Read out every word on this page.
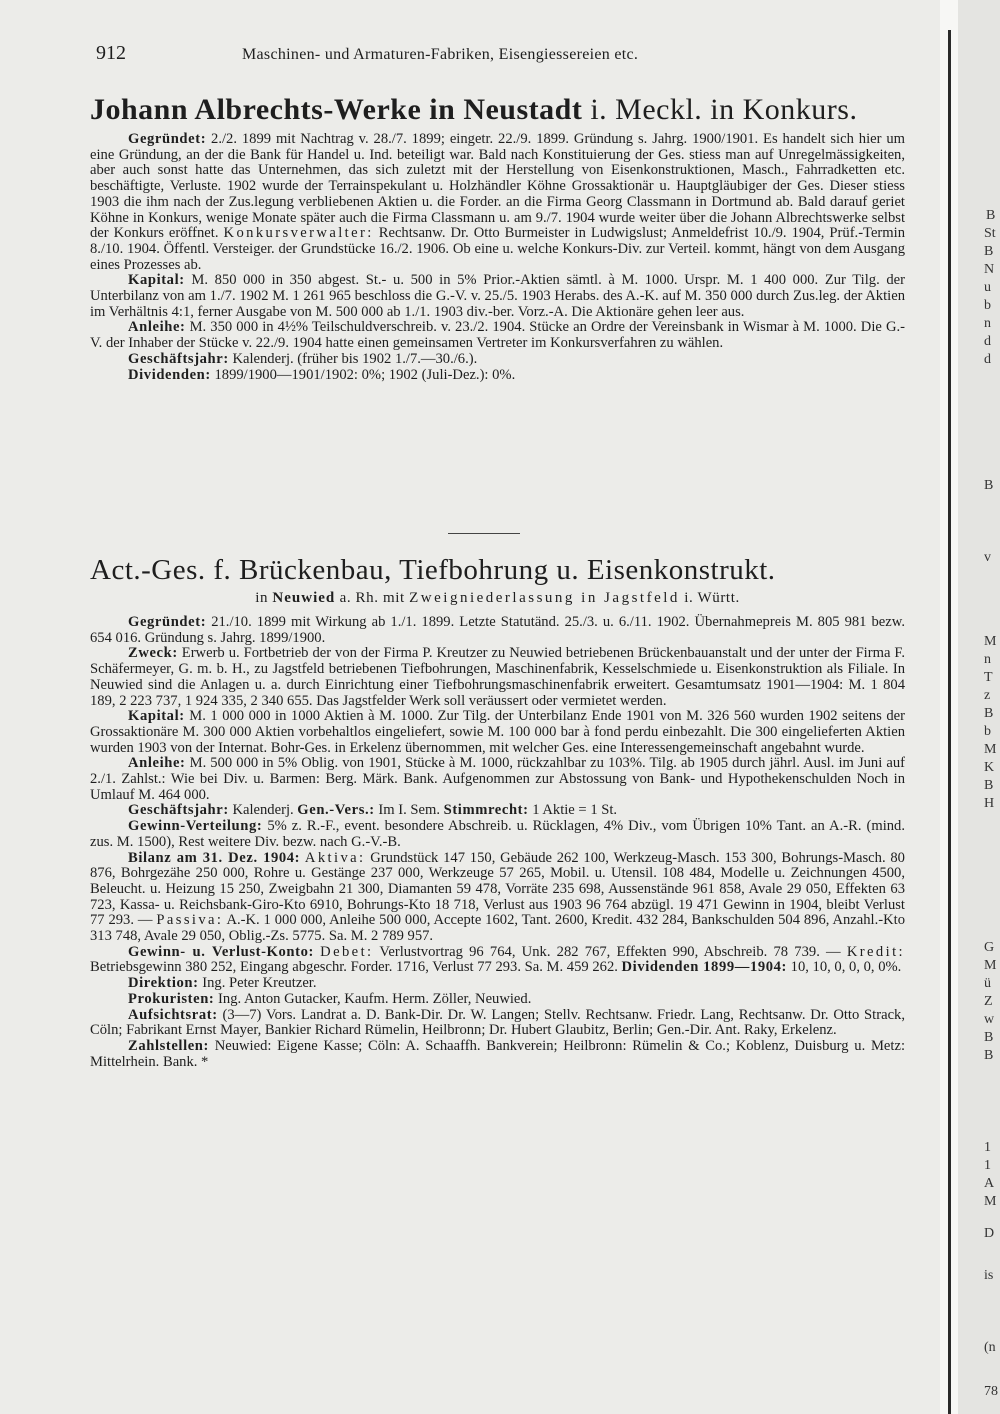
912	Maschinen- und Armaturen-Fabriken, Eisengiessereien etc.
Johann Albrechts-Werke in Neustadt i. Meckl. in Konkurs.

Gegründet: 2./2. 1899 mit Nachtrag v. 28./7. 1899; eingetr. 22./9. 1899. Gründung s. Jahrg. 1900/1901. Es handelt sich hier um eine Gründung, an der die Bank für Handel u. Ind. beteiligt war. Bald nach Konstituierung der Ges. stiess man auf Unregelmässigkeiten, aber auch sonst hatte das Unternehmen, das sich zuletzt mit der Herstellung von Eisenkonstruktionen, Masch., Fahrradketten etc. beschäftigte, Verluste. 1902 wurde der Terrainspekulant u. Holzhändler Köhne Grossaktionär u. Hauptgläubiger der Ges. Dieser stiess 1903 die ihm nach der Zus.legung verbliebenen Aktien u. die Forder. an die Firma Georg Classmann in Dortmund ab. Bald darauf geriet Köhne in Konkurs, wenige Monate später auch die Firma Classmann u. am 9./7. 1904 wurde weiter über die Johann Albrechtswerke selbst der Konkurs eröffnet. Konkursverwalter: Rechtsanw. Dr. Otto Burmeister in Ludwigslust; Anmeldefrist 10./9. 1904, Prüf.-Termin 8./10. 1904. Öffentl. Versteiger. der Grundstücke 16./2. 1906. Ob eine u. welche Konkurs-Div. zur Verteil. kommt, hängt von dem Ausgang eines Prozesses ab.

Kapital: M. 850 000 in 350 abgest. St.- u. 500 in 5% Prior.-Aktien sämtl. à M. 1000. Urspr. M. 1 400 000. Zur Tilg. der Unterbilanz von am 1./7. 1902 M. 1 261 965 beschloss die G.-V. v. 25./5. 1903 Herabs. des A.-K. auf M. 350 000 durch Zus.leg. der Aktien im Verhältnis 4:1, ferner Ausgabe von M. 500 000 ab 1./1. 1903 div.-ber. Vorz.-A. Die Aktionäre gehen leer aus.

Anleihe: M. 350 000 in 4½% Teilschuldverschreib. v. 23./2. 1904. Stücke an Ordre der Vereinsbank in Wismar à M. 1000. Die G.-V. der Inhaber der Stücke v. 22./9. 1904 hatte einen gemeinsamen Vertreter im Konkursverfahren zu wählen.

Geschäftsjahr: Kalenderj. (früher bis 1902 1./7.—30./6.).

Dividenden: 1899/1900—1901/1902: 0%; 1902 (Juli-Dez.): 0%.

Act.-Ges. f. Brückenbau, Tiefbohrung u. Eisenkonstrukt.
in Neuwied a. Rh. mit Zweigniederlassung in Jagstfeld i. Württ.

Gegründet: 21./10. 1899 mit Wirkung ab 1./1. 1899. Letzte Statutänd. 25./3. u. 6./11. 1902. Übernahmepreis M. 805 981 bezw. 654 016. Gründung s. Jahrg. 1899/1900.

Zweck: Erwerb u. Fortbetrieb der von der Firma P. Kreutzer zu Neuwied betriebenen Brückenbauanstalt und der unter der Firma F. Schäfermeyer, G. m. b. H., zu Jagstfeld betriebenen Tiefbohrungen, Maschinenfabrik, Kesselschmiede u. Eisenkonstruktion als Filiale. In Neuwied sind die Anlagen u. a. durch Einrichtung einer Tiefbohrungsmaschinenfabrik erweitert. Gesamtumsatz 1901—1904: M. 1 804 189, 2 223 737, 1 924 335, 2 340 655. Das Jagstfelder Werk soll veräussert oder vermietet werden.

Kapital: M. 1 000 000 in 1000 Aktien à M. 1000. Zur Tilg. der Unterbilanz Ende 1901 von M. 326 560 wurden 1902 seitens der Grossaktionäre M. 300 000 Aktien vorbehaltlos eingeliefert, sowie M. 100 000 bar à fond perdu einbezahlt. Die 300 eingelieferten Aktien wurden 1903 von der Internat. Bohr-Ges. in Erkelenz übernommen, mit welcher Ges. eine Interessengemeinschaft angebahnt wurde.

Anleihe: M. 500 000 in 5% Oblig. von 1901, Stücke à M. 1000, rückzahlbar zu 103%. Tilg. ab 1905 durch jährl. Ausl. im Juni auf 2./1. Zahlst.: Wie bei Div. u. Barmen: Berg. Märk. Bank. Aufgenommen zur Abstossung von Bank- und Hypothekenschulden Noch in Umlauf M. 464 000.

Geschäftsjahr: Kalenderj. Gen.-Vers.: Im I. Sem. Stimmrecht: 1 Aktie = 1 St.

Gewinn-Verteilung: 5% z. R.-F., event. besondere Abschreib. u. Rücklagen, 4% Div., vom Übrigen 10% Tant. an A.-R. (mind. zus. M. 1500), Rest weitere Div. bezw. nach G.-V.-B.

Bilanz am 31. Dez. 1904: Aktiva: Grundstück 147 150, Gebäude 262 100, Werkzeug-Masch. 153 300, Bohrungs-Masch. 80 876, Bohrgezähe 250 000, Rohre u. Gestänge 237 000, Werkzeuge 57 265, Mobil. u. Utensil. 108 484, Modelle u. Zeichnungen 4500, Beleucht. u. Heizung 15 250, Zweigbahn 21 300, Diamanten 59 478, Vorräte 235 698, Aussenstände 961 858, Avale 29 050, Effekten 63 723, Kassa- u. Reichsbank-Giro-Kto 6910, Bohrungs-Kto 18 718, Verlust aus 1903 96 764 abzügl. 19 471 Gewinn in 1904, bleibt Verlust 77 293. — Passiva: A.-K. 1 000 000, Anleihe 500 000, Accepte 1602, Tant. 2600, Kredit. 432 284, Bankschulden 504 896, Anzahl.-Kto 313 748, Avale 29 050, Oblig.-Zs. 5775. Sa. M. 2 789 957.

Gewinn- u. Verlust-Konto: Debet: Verlustvortrag 96 764, Unk. 282 767, Effekten 990, Abschreib. 78 739. — Kredit: Betriebsgewinn 380 252, Eingang abgeschr. Forder. 1716, Verlust 77 293. Sa. M. 459 262. Dividenden 1899—1904: 10, 10, 0, 0, 0, 0%.

Direktion: Ing. Peter Kreutzer.

Prokuristen: Ing. Anton Gutacker, Kaufm. Herm. Zöller, Neuwied.

Aufsichtsrat: (3—7) Vors. Landrat a. D. Bank-Dir. Dr. W. Langen; Stellv. Rechtsanw. Friedr. Lang, Rechtsanw. Dr. Otto Strack, Cöln; Fabrikant Ernst Mayer, Bankier Richard Rümelin, Heilbronn; Dr. Hubert Glaubitz, Berlin; Gen.-Dir. Ant. Raky, Erkelenz.

Zahlstellen: Neuwied: Eigene Kasse; Cöln: A. Schaaffh. Bankverein; Heilbronn: Rümelin & Co.; Koblenz, Duisburg u. Metz: Mittelrhein. Bank. *

B
St
B
N
u
b
n
d
d
B
v
M
n
T
z
B
b
M
K
B
H
G
M
ü
Z
w
B
B
1
1
A
M
D
is
(n
78
